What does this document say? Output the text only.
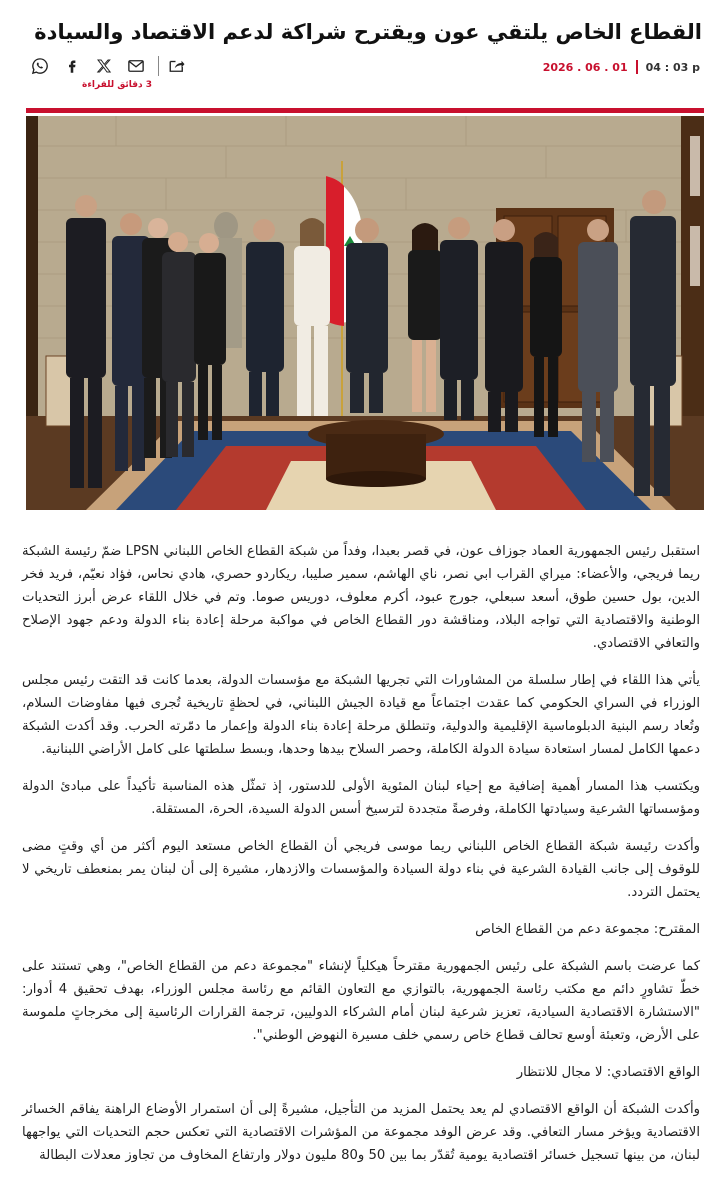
القطاع الخاص يلتقي عون ويقترح شراكة لدعم الاقتصاد والسيادة
3 دقائق للقراءة
2026 . 06 . 01 04 : 03 p

استقبل رئيس الجمهورية العماد جوزاف عون، في قصر بعبدا، وفداً من شبكة القطاع الخاص اللبناني LPSN ضمّ رئيسة الشبكة ريما فريجي، والأعضاء: ميراي القراب ابي نصر، ناي الهاشم، سمير صليبا، ريكاردو حصري، هادي نحاس، فؤاد نعيّم، فريد فخر الدين، بول حسين طوق، أسعد سبعلي، جورج عبود، أكرم معلوف، دوريس صوما. وتم في خلال اللقاء عرض أبرز التحديات الوطنية والاقتصادية التي تواجه البلاد، ومناقشة دور القطاع الخاص في مواكبة مرحلة إعادة بناء الدولة ودعم جهود الإصلاح والتعافي الاقتصادي.

يأتي هذا اللقاء في إطار سلسلة من المشاورات التي تجريها الشبكة مع مؤسسات الدولة، بعدما كانت قد التقت رئيس مجلس الوزراء في السراي الحكومي كما عقدت اجتماعاً مع قيادة الجيش اللبناني، في لحظةٍ تاريخية تُجرى فيها مفاوضات السلام، وتُعاد رسم البنية الدبلوماسية الإقليمية والدولية، وتنطلق مرحلة إعادة بناء الدولة وإعمار ما دمّرته الحرب. وقد أكدت الشبكة دعمها الكامل لمسار استعادة سيادة الدولة الكاملة، وحصر السلاح بيدها وحدها، وبسط سلطتها على كامل الأراضي اللبنانية.

ويكتسب هذا المسار أهمية إضافية مع إحياء لبنان المئوية الأولى للدستور، إذ تمثّل هذه المناسبة تأكيداً على مبادئ الدولة ومؤسساتها الشرعية وسيادتها الكاملة، وفرصةً متجددة لترسيخ أسس الدولة السيدة، الحرة، المستقلة.

وأكدت رئيسة شبكة القطاع الخاص اللبناني ريما موسى فريجي أن القطاع الخاص مستعد اليوم أكثر من أي وقتٍ مضى للوقوف إلى جانب القيادة الشرعية في بناء دولة السيادة والمؤسسات والازدهار، مشيرة إلى أن لبنان يمر بمنعطف تاريخي لا يحتمل التردد.

المقترح: مجموعة دعم من القطاع الخاص

كما عرضت باسم الشبكة على رئيس الجمهورية مقترحاً هيكلياً لإنشاء "مجموعة دعم من القطاع الخاص"، وهي تستند على خطّ تشاورٍ دائم مع مكتب رئاسة الجمهورية، بالتوازي مع التعاون القائم مع رئاسة مجلس الوزراء، بهدف تحقيق 4 أدوار: "الاستشارة الاقتصادية السيادية، تعزيز شرعية لبنان أمام الشركاء الدوليين، ترجمة القرارات الرئاسية إلى مخرجاتٍ ملموسة على الأرض، وتعبئة أوسع تحالف قطاع خاص رسمي خلف مسيرة النهوض الوطني".

الواقع الاقتصادي: لا مجال للانتظار

وأكدت الشبكة أن الواقع الاقتصادي لم يعد يحتمل المزيد من التأجيل، مشيرةً إلى أن استمرار الأوضاع الراهنة يفاقم الخسائر الاقتصادية ويؤخر مسار التعافي. وقد عرض الوفد مجموعة من المؤشرات الاقتصادية التي تعكس حجم التحديات التي يواجهها لبنان، من بينها تسجيل خسائر اقتصادية يومية تُقدّر بما بين 50 و80 مليون دولار وارتفاع المخاوف من تجاوز معدلات البطالة
